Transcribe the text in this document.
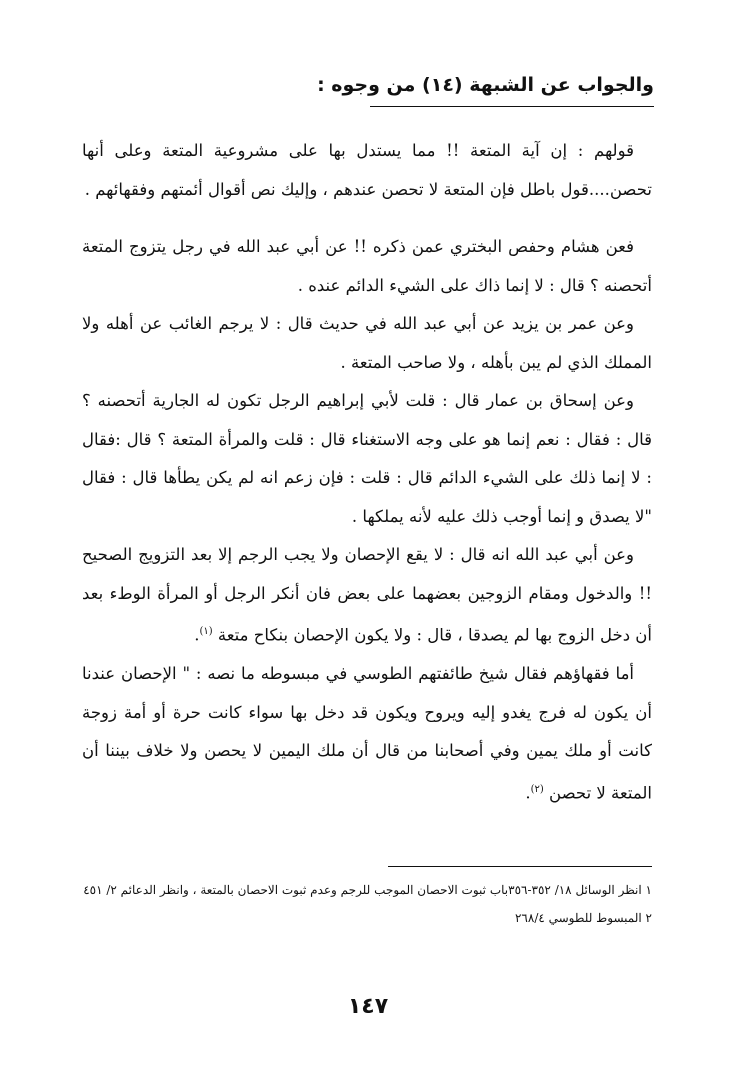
والجواب عن الشبهة (١٤) من وجوه :

قولهم : إن آية المتعة !! مما يستدل بها على مشروعية المتعة وعلى أنها تحصن....قول باطل فإن المتعة لا تحصن عندهم ، وإليك نص أقوال أئمتهم وفقهائهم .

فعن هشام وحفص البختري عمن ذكره !! عن أبي عبد الله في رجل يتزوج المتعة أتحصنه ؟ قال : لا إنما ذاك على الشيء الدائم عنده .

وعن عمر بن يزيد عن أبي عبد الله في حديث قال : لا يرجم الغائب عن أهله ولا المملك الذي لم يبن بأهله ، ولا صاحب المتعة .

وعن إسحاق بن عمار قال : قلت لأبي إبراهيم الرجل تكون له الجارية أتحصنه ؟ قال : فقال : نعم إنما هو على وجه الاستغناء قال : قلت والمرأة المتعة ؟ قال :فقال : لا إنما ذلك على الشيء الدائم قال : قلت : فإن زعم انه لم يكن يطأها قال : فقال "لا يصدق و إنما أوجب ذلك عليه لأنه يملكها .

وعن أبي عبد الله انه قال : لا يقع الإحصان ولا يجب الرجم إلا بعد التزويج الصحيح !! والدخول ومقام الزوجين بعضهما على بعض فان أنكر الرجل أو المرأة الوطء بعد أن دخل الزوج بها لم يصدقا ، قال : ولا يكون الإحصان بنكاح متعة $^{(١)}$.

أما فقهاؤهم فقال شيخ طائفتهم الطوسي في مبسوطه ما نصه : " الإحصان عندنا أن يكون له فرج يغدو إليه ويروح ويكون قد دخل بها سواء كانت حرة أو أمة زوجة كانت أو ملك يمين وفي أصحابنا من قال أن ملك اليمين لا يحصن ولا خلاف بيننا أن المتعة لا تحصن $^{(٢)}$.

١ انظر الوسائل ١٨/ ٣٥٢-٣٥٦باب ثبوت الاحصان الموجب للرجم وعدم ثبوت الاحصان بالمتعة ، وانظر الدعائم ٢/ ٤٥١

٢ المبسوط للطوسي ٢٦٨/٤

١٤٧
